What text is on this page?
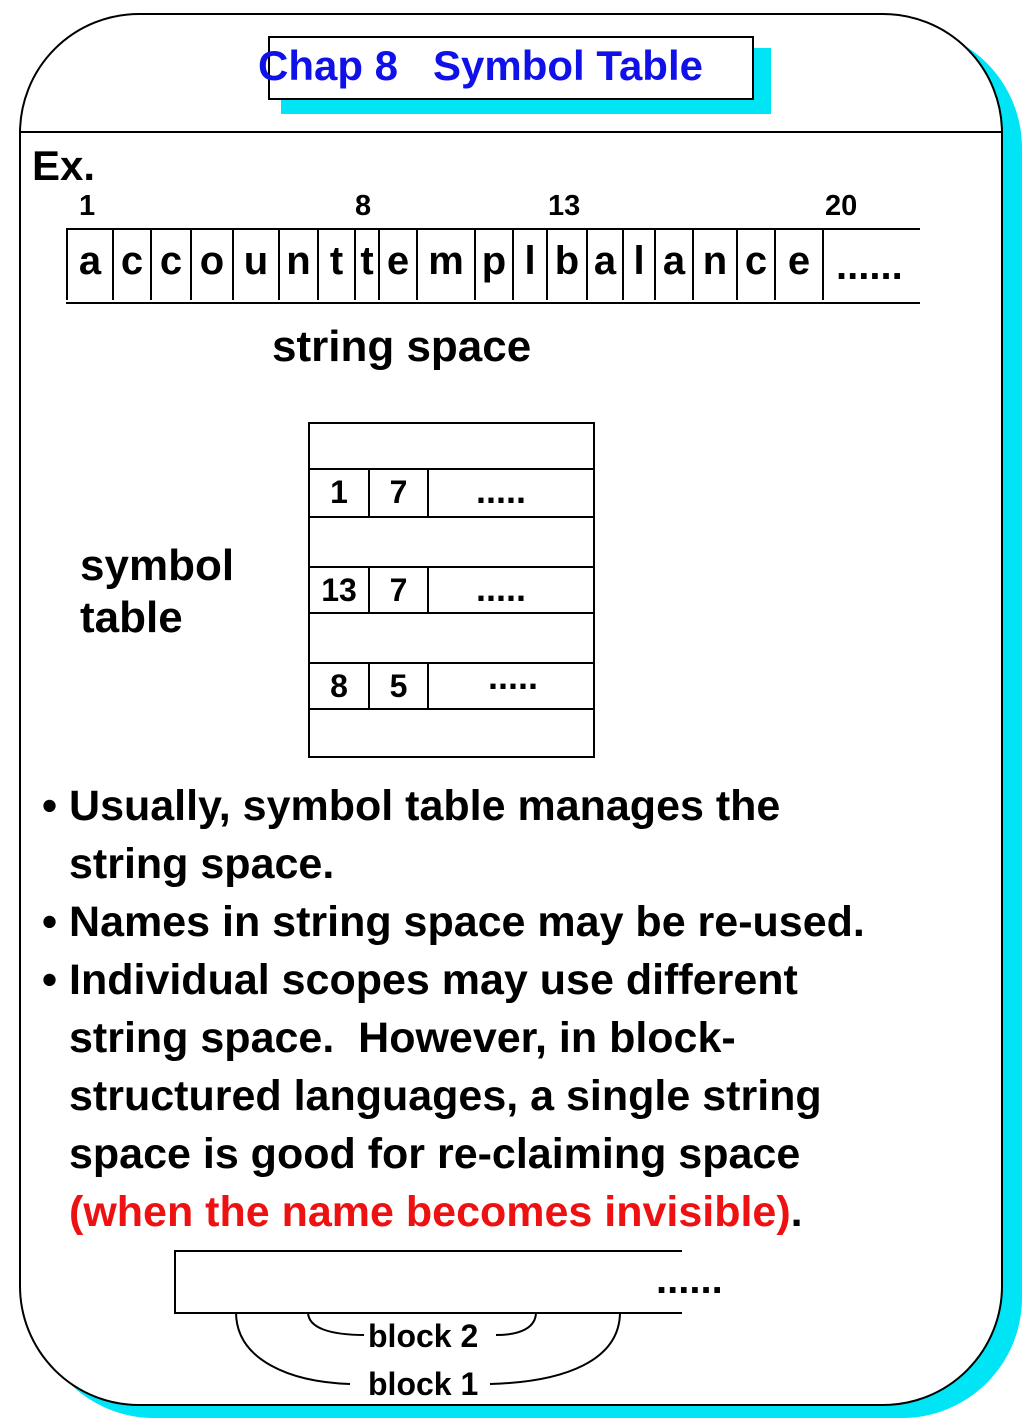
Chap 8   Symbol Table
Ex.
1	8	13	20
a c c o u n t t e m p l b a l a n c e ......
string space
1	7	.....
13	7	.....
8	5	.....
symbol
table
• Usually, symbol table manages the
string space.
• Names in string space may be re-used.
• Individual scopes may use different
string space.  However, in block-
structured languages, a single string
space is good for re-claiming space
(when the name becomes invisible).
......
block 2
block 1
